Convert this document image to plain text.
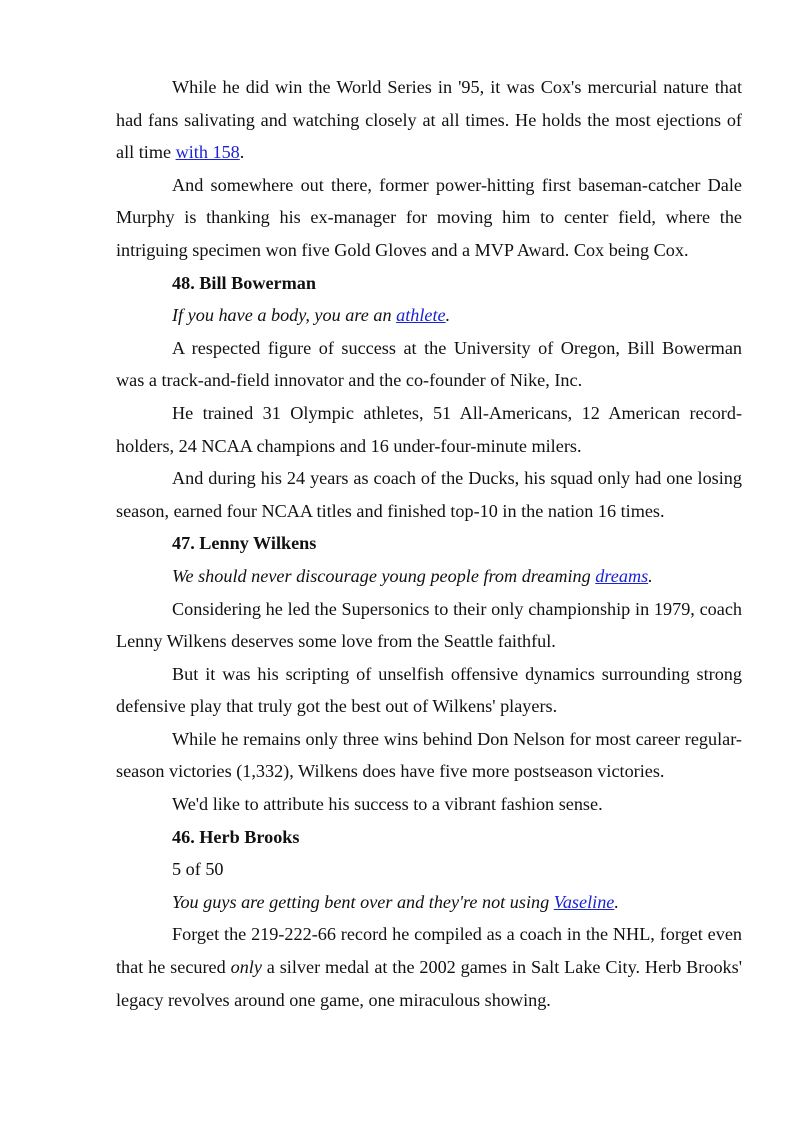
While he did win the World Series in '95, it was Cox's mercurial nature that had fans salivating and watching closely at all times. He holds the most ejections of all time with 158.

And somewhere out there, former power-hitting first baseman-catcher Dale Murphy is thanking his ex-manager for moving him to center field, where the intriguing specimen won five Gold Gloves and a MVP Award. Cox being Cox.

48. Bill Bowerman

If you have a body, you are an athlete.

A respected figure of success at the University of Oregon, Bill Bowerman was a track-and-field innovator and the co-founder of Nike, Inc.

He trained 31 Olympic athletes, 51 All-Americans, 12 American record-holders, 24 NCAA champions and 16 under-four-minute milers.

And during his 24 years as coach of the Ducks, his squad only had one losing season, earned four NCAA titles and finished top-10 in the nation 16 times.

47. Lenny Wilkens

We should never discourage young people from dreaming dreams.

Considering he led the Supersonics to their only championship in 1979, coach Lenny Wilkens deserves some love from the Seattle faithful.

But it was his scripting of unselfish offensive dynamics surrounding strong defensive play that truly got the best out of Wilkens' players.

While he remains only three wins behind Don Nelson for most career regular-season victories (1,332), Wilkens does have five more postseason victories.

We'd like to attribute his success to a vibrant fashion sense.

46. Herb Brooks

5 of 50

You guys are getting bent over and they're not using Vaseline.

Forget the 219-222-66 record he compiled as a coach in the NHL, forget even that he secured only a silver medal at the 2002 games in Salt Lake City. Herb Brooks' legacy revolves around one game, one miraculous showing.
